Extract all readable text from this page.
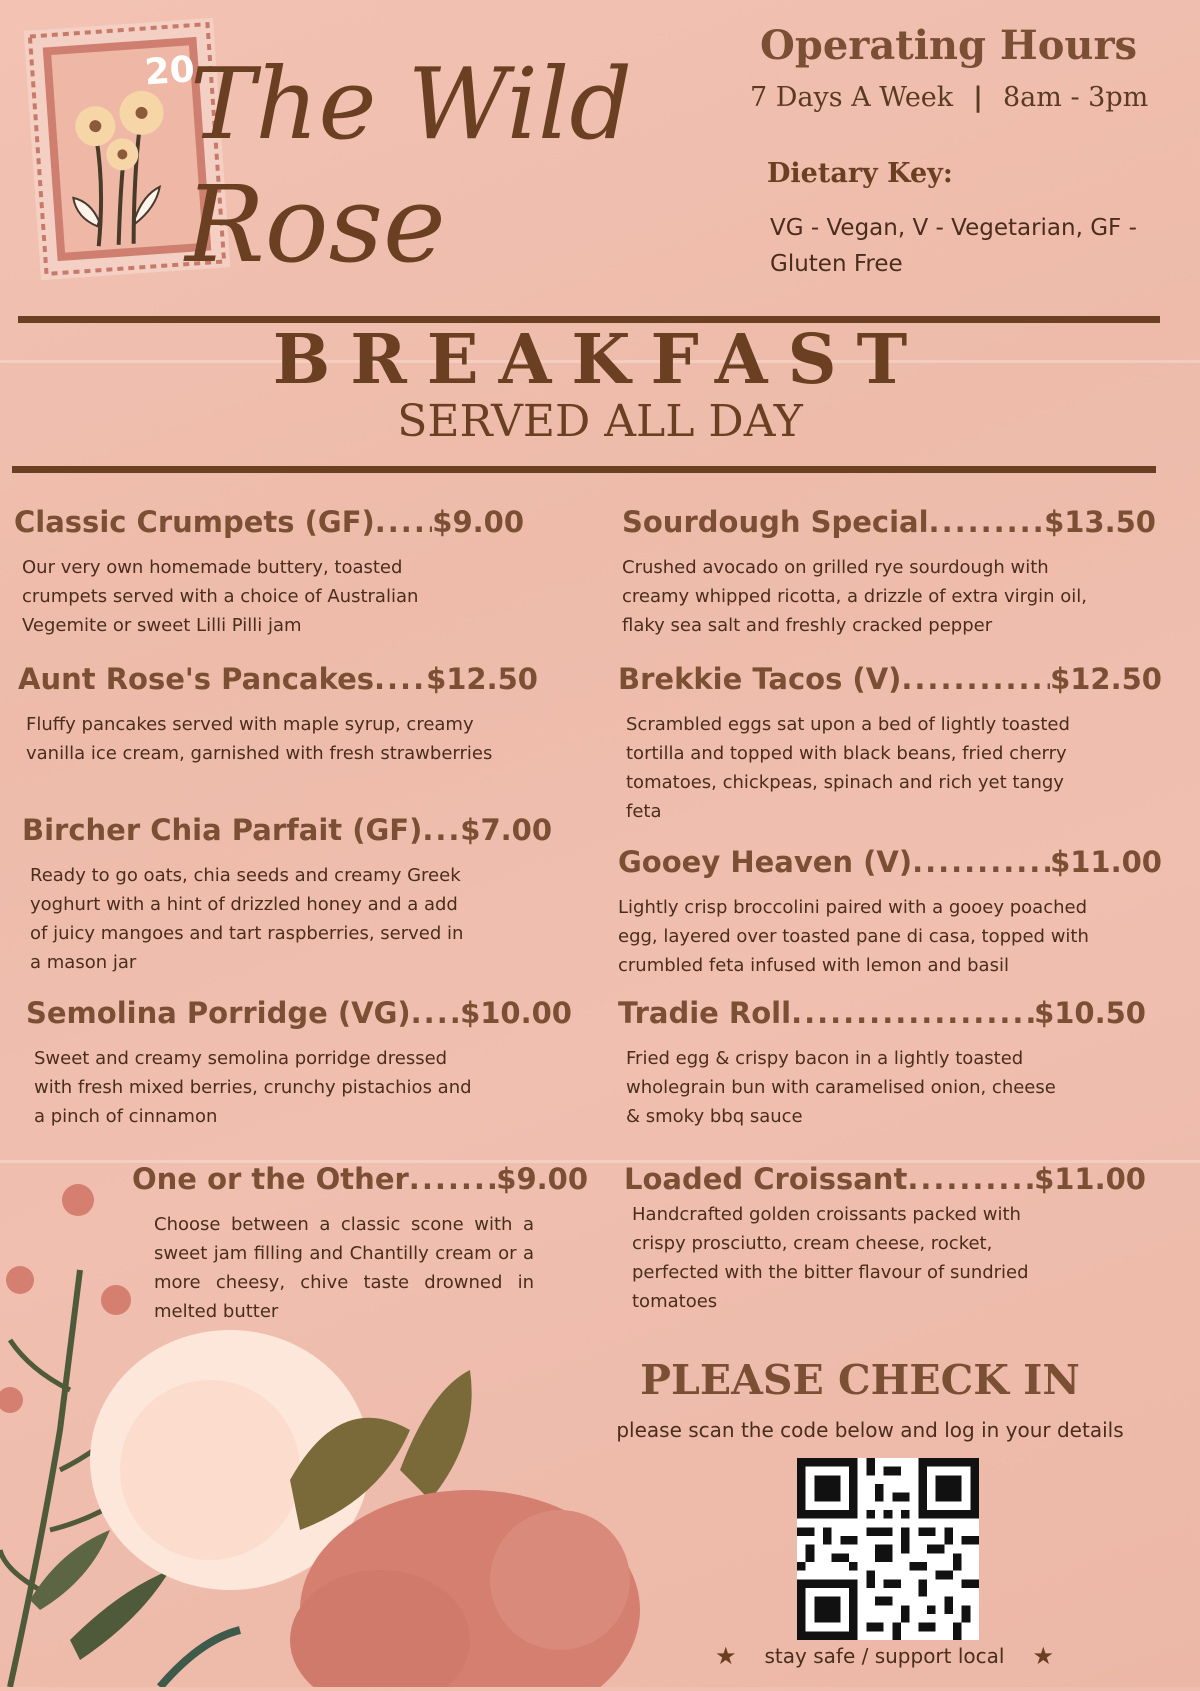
20
The Wild
Rose
Operating Hours
7 Days A Week | 8am - 3pm
Dietary Key:
VG - Vegan, V - Vegetarian, GF - Gluten Free
BREAKFAST
SERVED ALL DAY
Classic Crumpets (GF) ..... $9.00
Our very own homemade buttery, toasted crumpets served with a choice of Australian Vegemite or sweet Lilli Pilli jam
Aunt Rose's Pancakes ..... $12.50
Fluffy pancakes served with maple syrup, creamy vanilla ice cream, garnished with fresh strawberries
Bircher Chia Parfait (GF) ..... $7.00
Ready to go oats, chia seeds and creamy Greek yoghurt with a hint of drizzled honey and a add of juicy mangoes and tart raspberries, served in a mason jar
Semolina Porridge (VG) ..... $10.00
Sweet and creamy semolina porridge dressed with fresh mixed berries, crunchy pistachios and a pinch of cinnamon
One or the Other .....	$9.00
Choose between a classic scone with a sweet jam filling and Chantilly cream or a more cheesy, chive taste drowned in melted butter
Sourdough Special .....	$13.50
Crushed avocado on grilled rye sourdough with creamy whipped ricotta, a drizzle of extra virgin oil, flaky sea salt and freshly cracked pepper
Brekkie Tacos (V) .....	$12.50
Scrambled eggs sat upon a bed of lightly toasted tortilla and topped with black beans, fried cherry tomatoes, chickpeas, spinach and rich yet tangy feta
Gooey Heaven (V) .....	$11.00
Lightly crisp broccolini paired with a gooey poached egg, layered over toasted pane di casa, topped with crumbled feta infused with lemon and basil
Tradie Roll .....	$10.50
Fried egg & crispy bacon in a lightly toasted wholegrain bun with caramelised onion, cheese & smoky bbq sauce
Loaded Croissant .....	$11.00
Handcrafted golden croissants packed with crispy prosciutto, cream cheese, rocket, perfected with the bitter flavour of sundried tomatoes
PLEASE CHECK IN
please scan the code below and log in your details
★ stay safe / support local ★
